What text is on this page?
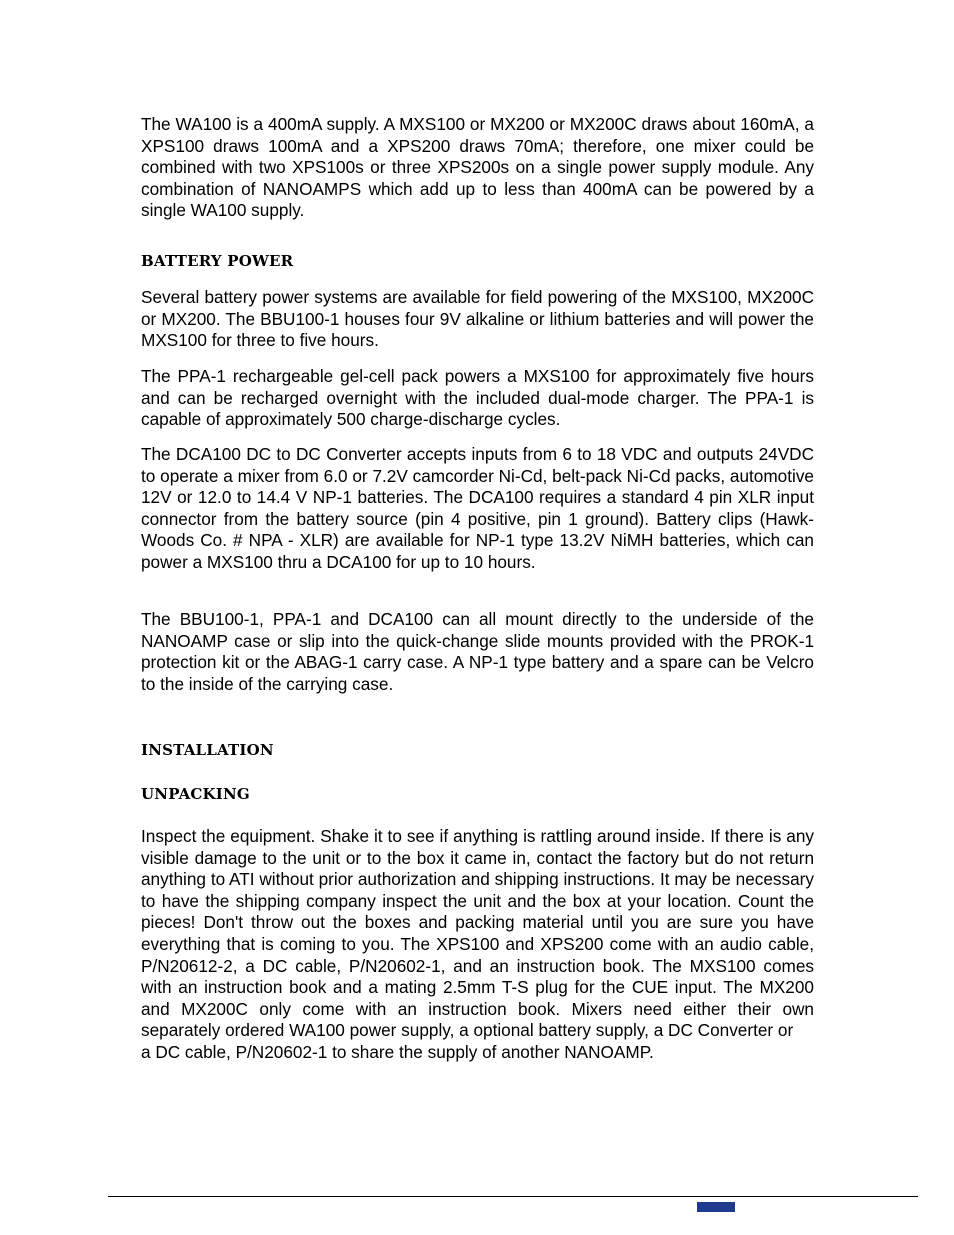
The WA100 is a 400mA supply. A MXS100 or MX200 or MX200C draws about 160mA, a XPS100 draws 100mA and a XPS200 draws 70mA; therefore, one mixer could be combined with two XPS100s or three XPS200s on a single power supply module. Any combination of NANOAMPS which add up to less than 400mA can be powered by a single WA100 supply.

BATTERY POWER

Several battery power systems are available for field powering of the MXS100, MX200C or MX200. The BBU100-1 houses four 9V alkaline or lithium batteries and will power the MXS100 for three to five hours.

The PPA-1 rechargeable gel-cell pack powers a MXS100 for approximately five hours and can be recharged overnight with the included dual-mode charger. The PPA-1 is capable of approximately 500 charge-discharge cycles.

The DCA100 DC to DC Converter accepts inputs from 6 to 18 VDC and outputs 24VDC to operate a mixer from 6.0 or 7.2V camcorder Ni-Cd, belt-pack Ni-Cd packs, automotive 12V or 12.0 to 14.4 V NP-1 batteries. The DCA100 requires a standard 4 pin XLR input connector from the battery source (pin 4 positive, pin 1 ground). Battery clips (Hawk-Woods Co. # NPA - XLR) are available for NP-1 type 13.2V NiMH batteries, which can power a MXS100 thru a DCA100 for up to 10 hours.

The BBU100-1, PPA-1 and DCA100 can all mount directly to the underside of the NANOAMP case or slip into the quick-change slide mounts provided with the PROK-1 protection kit or the ABAG-1 carry case. A NP-1 type battery and a spare can be Velcro to the inside of the carrying case.

INSTALLATION
UNPACKING
Inspect the equipment. Shake it to see if anything is rattling around inside. If there is any visible damage to the unit or to the box it came in, contact the factory but do not return anything to ATI without prior authorization and shipping instructions. It may be necessary to have the shipping company inspect the unit and the box at your location. Count the pieces! Don't throw out the boxes and packing material until you are sure you have everything that is coming to you. The XPS100 and XPS200 come with an audio cable, P/N20612-2, a DC cable, P/N20602-1, and an instruction book. The MXS100 comes with an instruction book and a mating 2.5mm T-S plug for the CUE input. The MX200 and MX200C only come with an instruction book. Mixers need either their own separately ordered WA100 power supply, a optional battery supply, a DC Converter or
a DC cable, P/N20602-1 to share the supply of another NANOAMP.
